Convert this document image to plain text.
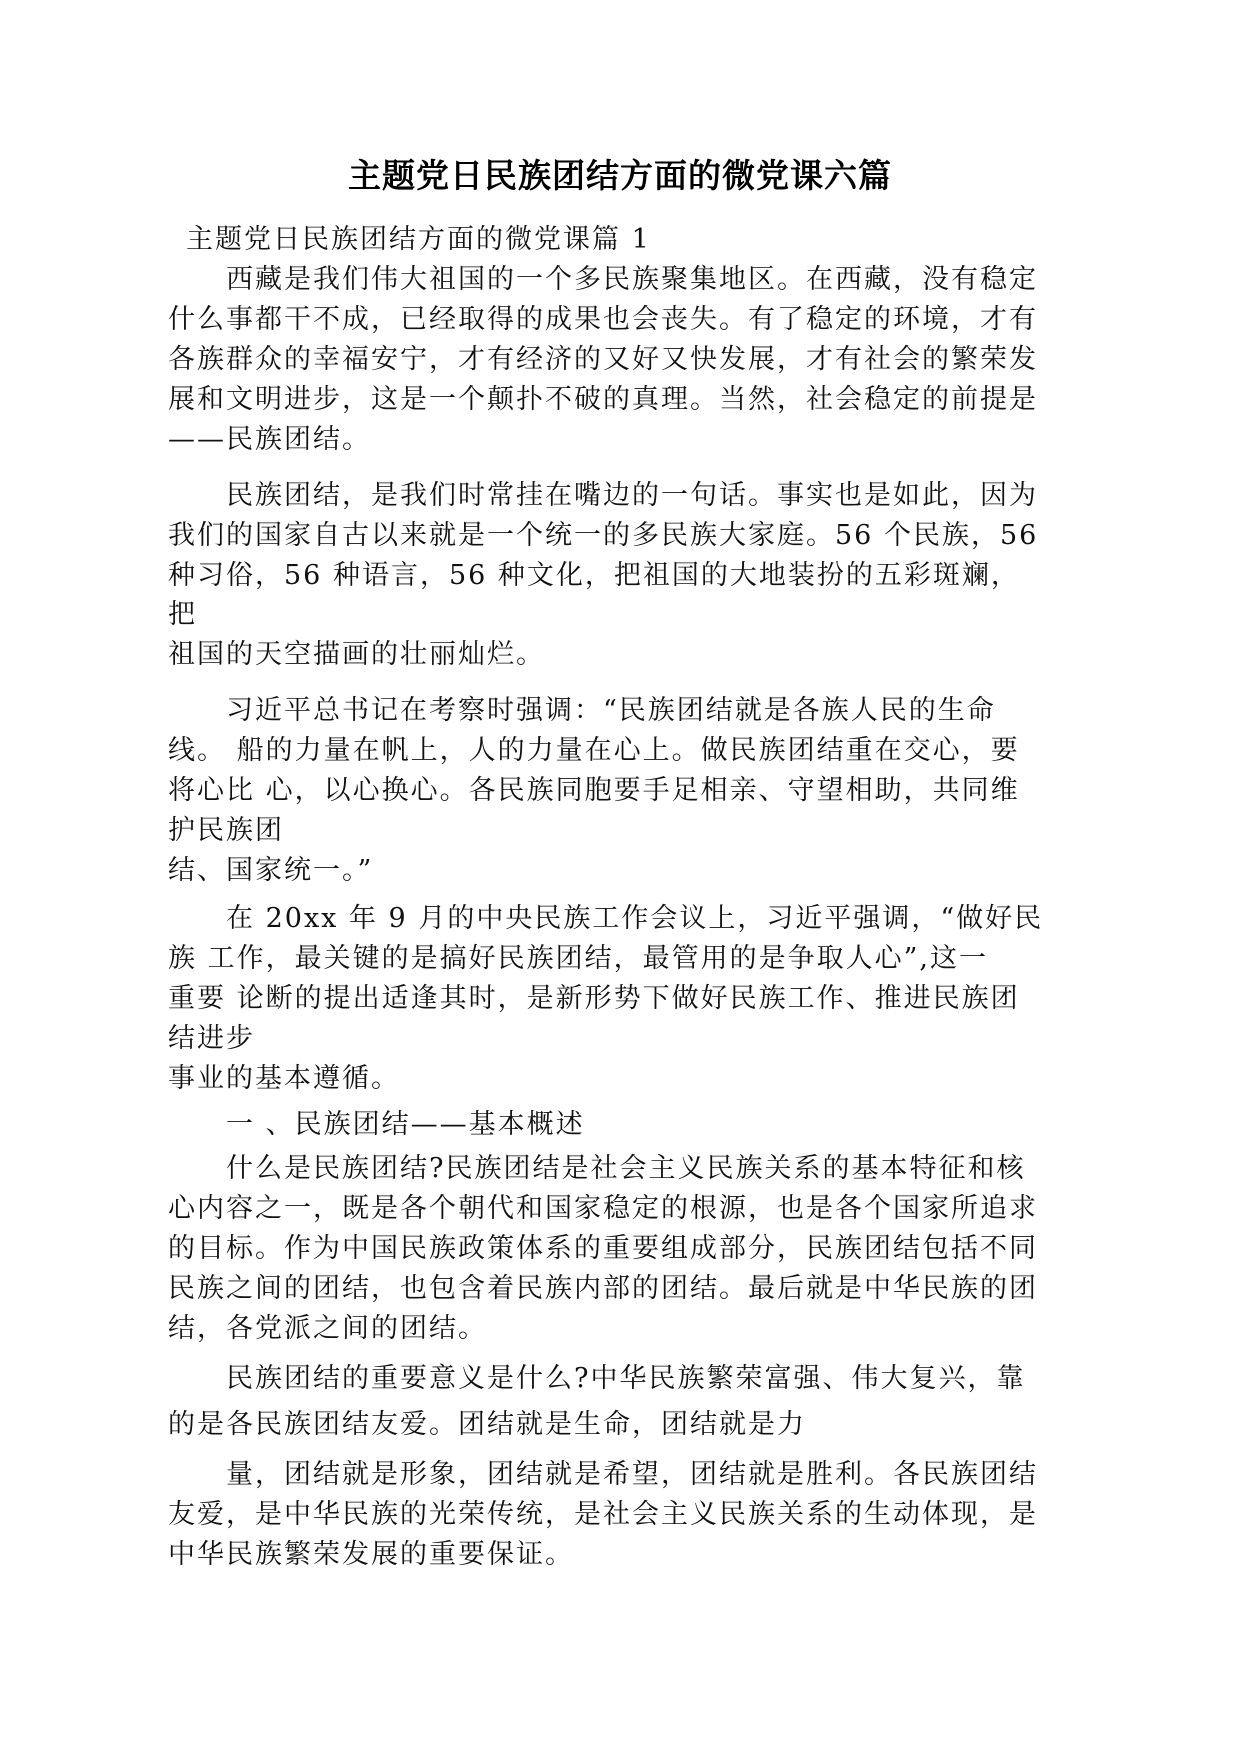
主题党日民族团结方面的微党课六篇
主题党日民族团结方面的微党课篇 1
西藏是我们伟大祖国的一个多民族聚集地区。在西藏，没有稳定
什么事都干不成，已经取得的成果也会丧失。有了稳定的环境，才有
各族群众的幸福安宁，才有经济的又好又快发展，才有社会的繁荣发
展和文明进步，这是一个颠扑不破的真理。当然，社会稳定的前提是
——民族团结。
民族团结，是我们时常挂在嘴边的一句话。事实也是如此，因为
我们的国家自古以来就是一个统一的多民族大家庭。56 个民族，56
种习俗，56 种语言，56 种文化，把祖国的大地装扮的五彩斑斓，
把
祖国的天空描画的壮丽灿烂。
习近平总书记在考察时强调：“民族团结就是各族人民的生命
线。 船的力量在帆上，人的力量在心上。做民族团结重在交心，要
将心比 心，以心换心。各民族同胞要手足相亲、守望相助，共同维
护民族团
结、国家统一。”
在 20xx 年 9 月的中央民族工作会议上，习近平强调，“做好民
族 工作，最关键的是搞好民族团结，最管用的是争取人心”,这一
重要 论断的提出适逢其时，是新形势下做好民族工作、推进民族团
结进步
事业的基本遵循。
一 、民族团结——基本概述
什么是民族团结?民族团结是社会主义民族关系的基本特征和核
心内容之一，既是各个朝代和国家稳定的根源，也是各个国家所追求
的目标。作为中国民族政策体系的重要组成部分，民族团结包括不同
民族之间的团结，也包含着民族内部的团结。最后就是中华民族的团
结，各党派之间的团结。
民族团结的重要意义是什么?中华民族繁荣富强、伟大复兴，靠
的是各民族团结友爱。团结就是生命，团结就是力
量，团结就是形象，团结就是希望，团结就是胜利。各民族团结
友爱，是中华民族的光荣传统，是社会主义民族关系的生动体现，是
中华民族繁荣发展的重要保证。
